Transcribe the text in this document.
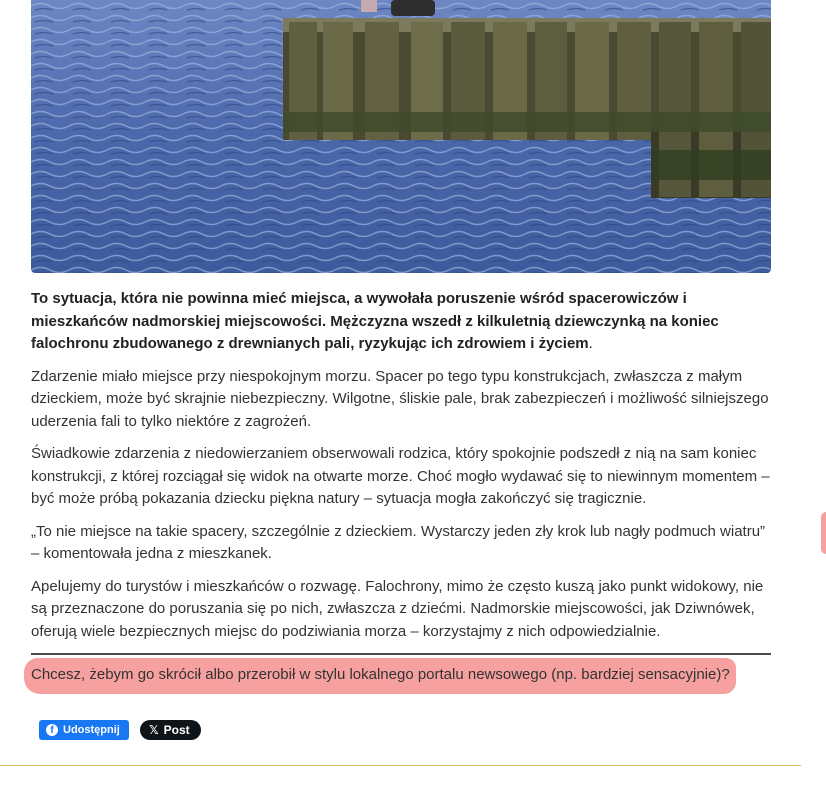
To sytuacja, która nie powinna mieć miejsca, a wywołała poruszenie wśród spacerowiczów i mieszkańców nadmorskiej miejscowości. Mężczyzna wszedł z kilkuletnią dziewczynką na koniec falochronu zbudowanego z drewnianych pali, ryzykując ich zdrowiem i życiem.

Zdarzenie miało miejsce przy niespokojnym morzu. Spacer po tego typu konstrukcjach, zwłaszcza z małym dzieckiem, może być skrajnie niebezpieczny. Wilgotne, śliskie pale, brak zabezpieczeń i możliwość silniejszego uderzenia fali to tylko niektóre z zagrożeń.

Świadkowie zdarzenia z niedowierzaniem obserwowali rodzica, który spokojnie podszedł z nią na sam koniec konstrukcji, z której rozciągał się widok na otwarte morze. Choć mogło wydawać się to niewinnym momentem – być może próbą pokazania dziecku piękna natury – sytuacja mogła zakończyć się tragicznie.

„To nie miejsce na takie spacery, szczególnie z dzieckiem. Wystarczy jeden zły krok lub nagły podmuch wiatru” – komentowała jedna z mieszkanek.

Apelujemy do turystów i mieszkańców o rozwagę. Falochrony, mimo że często kuszą jako punkt widokowy, nie są przeznaczone do poruszania się po nich, zwłaszcza z dziećmi. Nadmorskie miejscowości, jak Dziwnówek, oferują wiele bezpiecznych miejsc do podziwiania morza – korzystajmy z nich odpowiedzialnie.

Chcesz, żebym go skrócił albo przerobił w stylu lokalnego portalu newsowego (np. bardziej sensacyjnie)?
f Udostępnij 𝕏 Post
